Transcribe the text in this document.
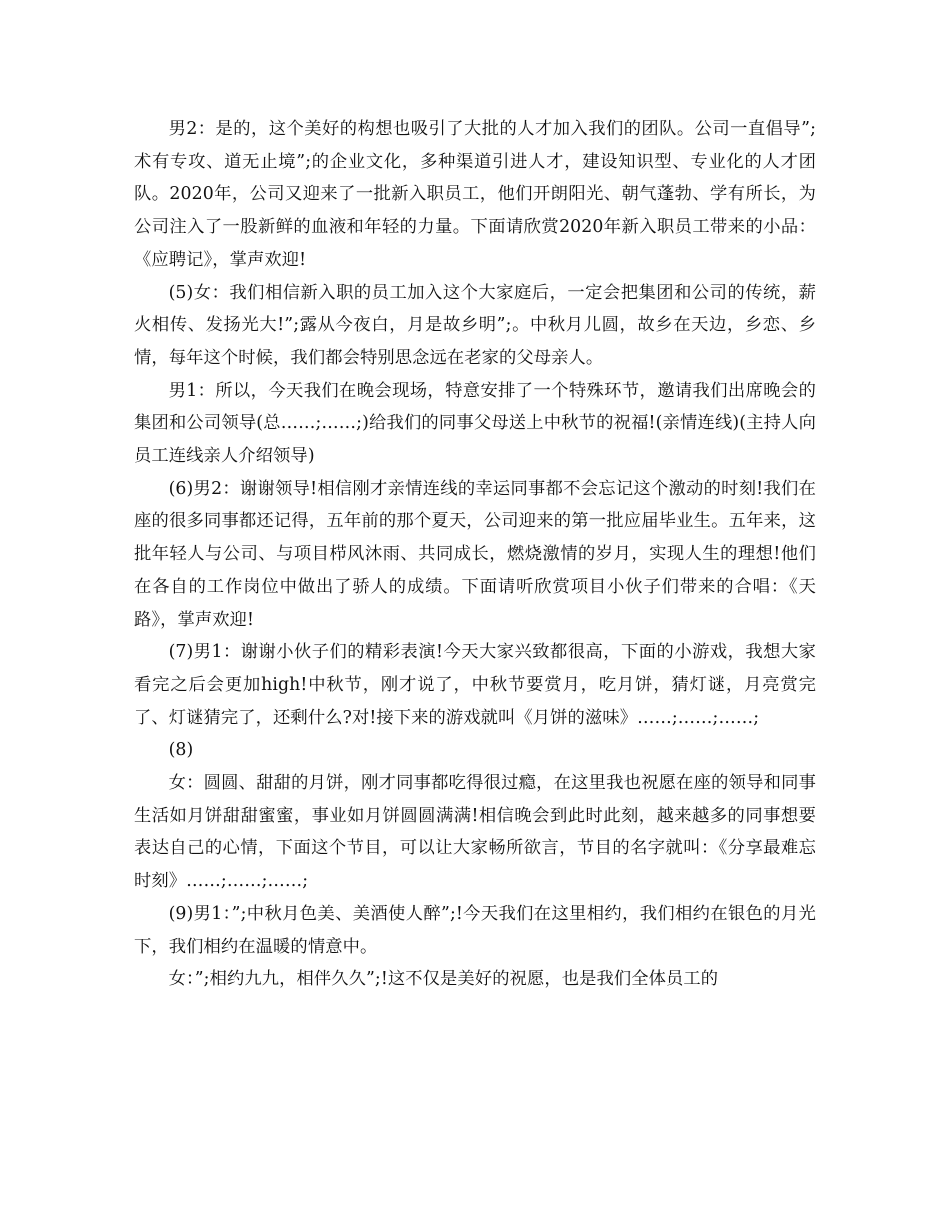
男2：是的，这个美好的构想也吸引了大批的人才加入我们的团队。公司一直倡导”;术有专攻、道无止境”;的企业文化，多种渠道引进人才，建设知识型、专业化的人才团队。2020年，公司又迎来了一批新入职员工，他们开朗阳光、朝气蓬勃、学有所长，为公司注入了一股新鲜的血液和年轻的力量。下面请欣赏2020年新入职员工带来的小品：《应聘记》，掌声欢迎!

(5)女：我们相信新入职的员工加入这个大家庭后，一定会把集团和公司的传统，薪火相传、发扬光大!”;露从今夜白，月是故乡明”;。中秋月儿圆，故乡在天边，乡恋、乡情，每年这个时候，我们都会特别思念远在老家的父母亲人。

男1：所以，今天我们在晚会现场，特意安排了一个特殊环节，邀请我们出席晚会的集团和公司领导(总……;……;)给我们的同事父母送上中秋节的祝福!(亲情连线)(主持人向员工连线亲人介绍领导)

(6)男2：谢谢领导!相信刚才亲情连线的幸运同事都不会忘记这个激动的时刻!我们在座的很多同事都还记得，五年前的那个夏天，公司迎来的第一批应届毕业生。五年来，这批年轻人与公司、与项目栉风沐雨、共同成长，燃烧激情的岁月，实现人生的理想!他们在各自的工作岗位中做出了骄人的成绩。下面请听欣赏项目小伙子们带来的合唱：《天路》，掌声欢迎!

(7)男1：谢谢小伙子们的精彩表演!今天大家兴致都很高，下面的小游戏，我想大家看完之后会更加high!中秋节，刚才说了，中秋节要赏月，吃月饼，猜灯谜，月亮赏完了、灯谜猜完了，还剩什么?对!接下来的游戏就叫《月饼的滋味》……;……;……;

(8)

女：圆圆、甜甜的月饼，刚才同事都吃得很过瘾，在这里我也祝愿在座的领导和同事生活如月饼甜甜蜜蜜，事业如月饼圆圆满满!相信晚会到此时此刻，越来越多的同事想要表达自己的心情，下面这个节目，可以让大家畅所欲言，节目的名字就叫：《分享最难忘时刻》……;……;……;

(9)男1：”;中秋月色美、美酒使人醉”;!今天我们在这里相约，我们相约在银色的月光下，我们相约在温暖的情意中。

女：”;相约九九，相伴久久”;!这不仅是美好的祝愿，也是我们全体员工的
